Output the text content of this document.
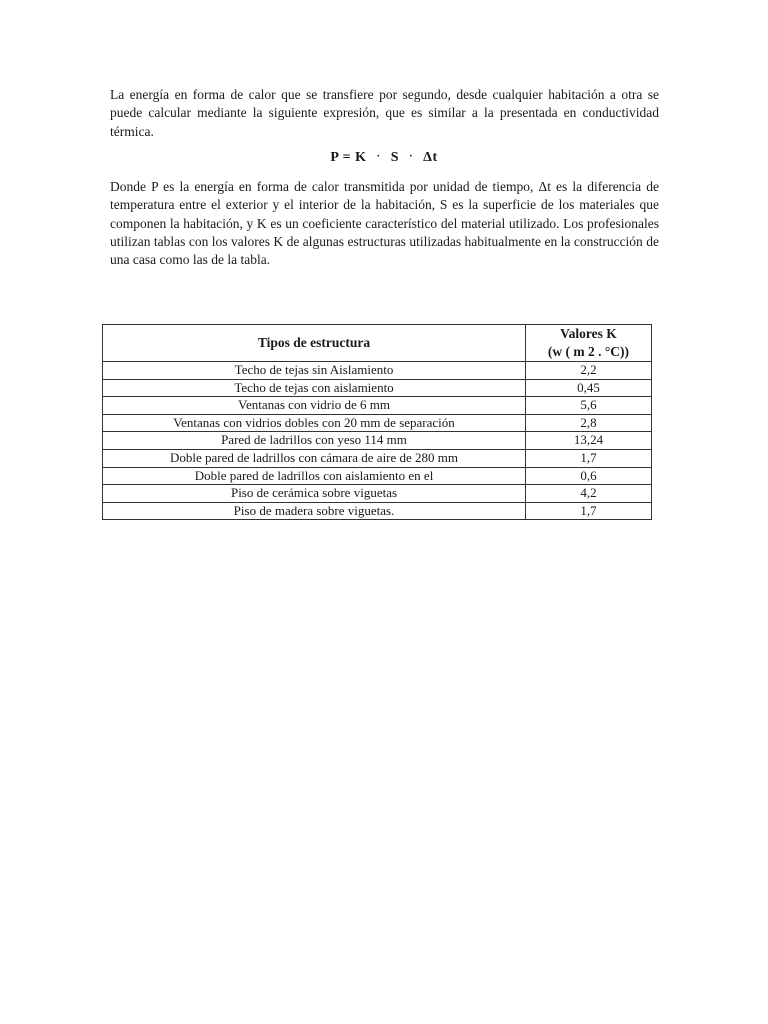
La energía en forma de calor que se transfiere por segundo, desde cualquier habitación a otra se puede calcular mediante la siguiente expresión, que es similar a la presentada en conductividad térmica.

P = K · S · Δt

Donde P es la energía en forma de calor transmitida por unidad de tiempo, Δt es la diferencia de temperatura entre el exterior y el interior de la habitación, S es la superficie de los materiales que componen la habitación, y K es un coeficiente característico del material utilizado. Los profesionales utilizan tablas con los valores K de algunas estructuras utilizadas habitualmente en la construcción de una casa como las de la tabla.

Tipos de estructura	Valores K
(w ( m 2 . °C))

Techo de tejas sin Aislamiento	2,2
Techo de tejas con aislamiento	0,45
Ventanas con vidrio de 6 mm	5,6
Ventanas con vidrios dobles con 20 mm de separación	2,8
Pared de ladrillos con yeso 114 mm	13,24
Doble pared de ladrillos con cámara de aire de 280 mm	1,7
Doble pared de ladrillos con aislamiento en el	0,6
Piso de cerámica sobre viguetas	4,2
Piso de madera sobre viguetas.	1,7
